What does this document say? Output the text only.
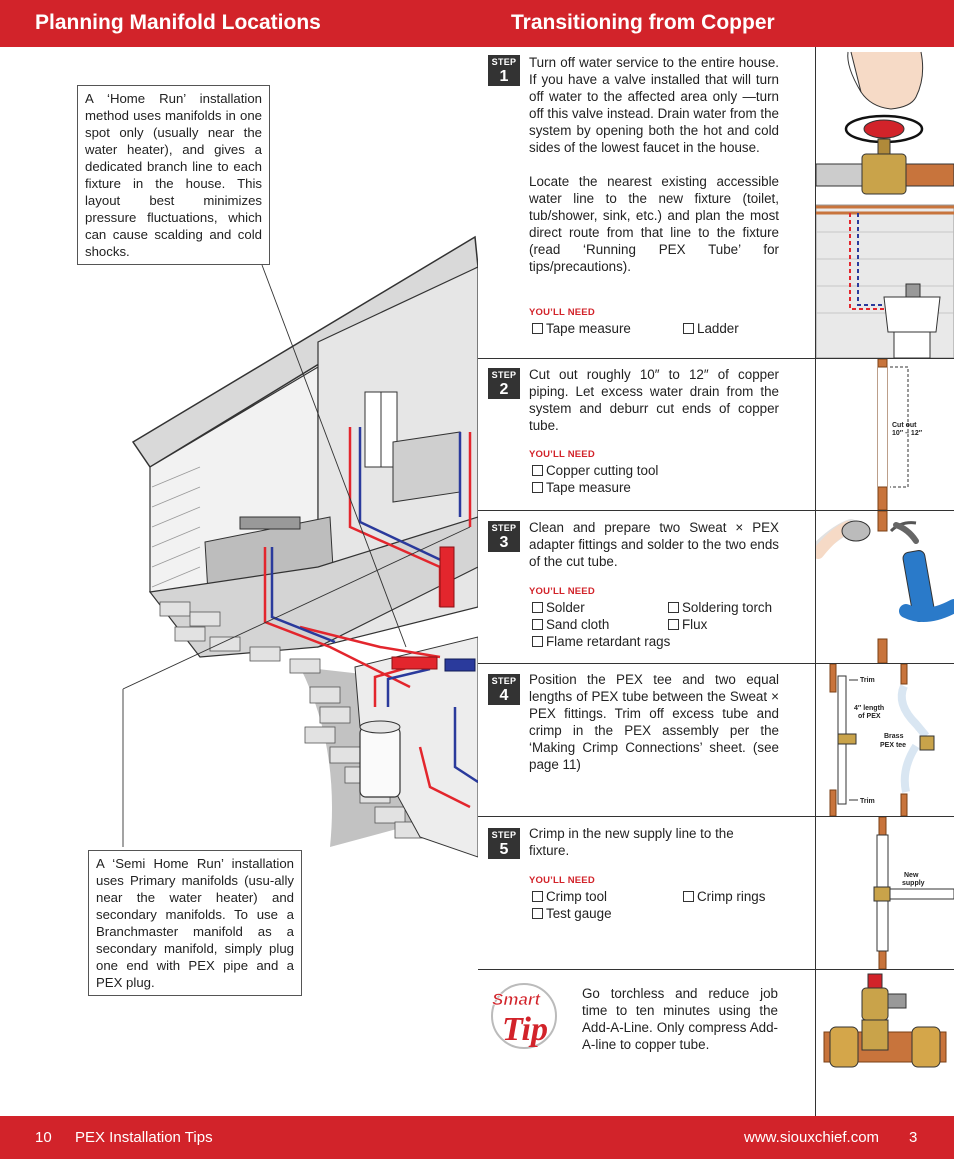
Planning Manifold Locations	Transitioning from Copper
A ‘Home Run’ installation method uses manifolds in one spot only (usually near the water heater), and gives a dedicated branch line to each fixture in the house. This layout best minimizes pressure fluctuations, which can cause scalding and cold shocks.
A ‘Semi Home Run’ installation uses Primary manifolds (usu-ally near the water heater) and secondary manifolds. To use a Branchmaster manifold as a secondary manifold, simply plug one end with PEX pipe and a PEX plug.
STEP
1

Turn off water service to the entire house. If you have a valve installed that will turn off water to the affected area only —turn off this valve instead. Drain water from the system by opening both the hot and cold sides of the lowest faucet in the house.

Locate the nearest existing accessible water line to the new fixture (toilet, tub/shower, sink, etc.) and plan the most direct route from that line to the fixture (read ‘Running PEX Tube’ for tips/precautions).

YOU’LL NEED
Tape measure	Ladder
STEP
2

Cut out roughly 10″ to 12″ of copper piping. Let excess water drain from the system and deburr cut ends of copper tube.

YOU’LL NEED
Copper cutting tool
Tape measure
Cut out
10″ – 12″
STEP
3

Clean and prepare two Sweat × PEX adapter fittings and solder to the two ends of the cut tube.

YOU’LL NEED
Solder	Soldering torch
Sand cloth	Flux
Flame retardant rags
STEP
4

Position the PEX tee and two equal lengths of PEX tube between the Sweat × PEX fittings. Trim off excess tube and crimp in the PEX assembly per the ‘Making Crimp Connections’ sheet. (see page 11)

Trim
4″ length
of PEX
Trim
Brass
PEX tee
STEP
5

Crimp in the new supply line to the fixture.

YOU’LL NEED
Crimp tool	Crimp rings
Test gauge
New
supply
Smart
Tip
Go torchless and reduce job time to ten minutes using the Add-A-Line. Only compress Add-A-line to copper tube.
10 PEX Installation Tips	www.siouxchief.com 3
